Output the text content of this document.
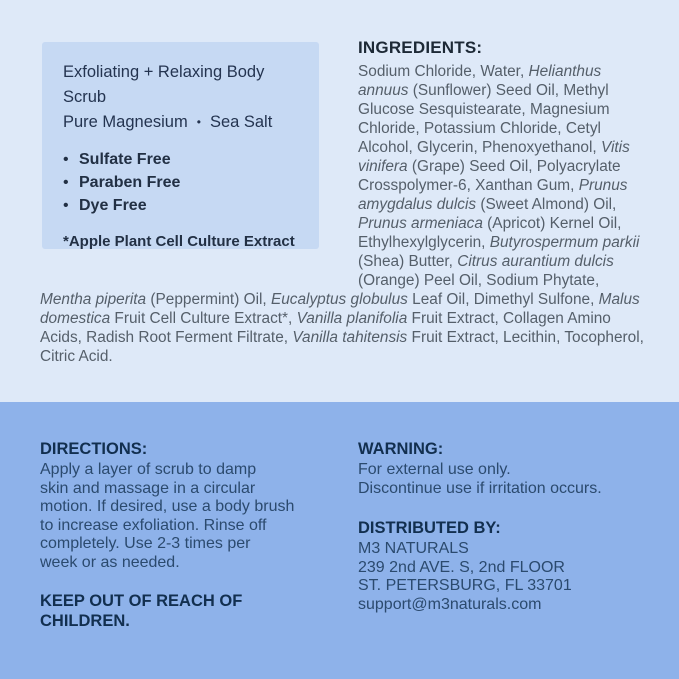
Exfoliating + Relaxing Body Scrub
Pure Magnesium • Sea Salt
• Sulfate Free
• Paraben Free
• Dye Free
*Apple Plant Cell Culture Extract
INGREDIENTS:

Sodium Chloride, Water, Helianthus annuus (Sunflower) Seed Oil, Methyl Glucose Sesquistearate, Magnesium Chloride, Potassium Chloride, Cetyl Alcohol, Glycerin, Phenoxyethanol, Vitis vinifera (Grape) Seed Oil, Polyacrylate Crosspolymer-6, Xanthan Gum, Prunus amygdalus dulcis (Sweet Almond) Oil, Prunus armeniaca (Apricot) Kernel Oil, Ethylhexylglycerin, Butyrospermum parkii (Shea) Butter, Citrus aurantium dulcis (Orange) Peel Oil, Sodium Phytate, Mentha piperita (Peppermint) Oil, Eucalyptus globulus Leaf Oil, Dimethyl Sulfone, Malus domestica Fruit Cell Culture Extract*, Vanilla planifolia Fruit Extract, Collagen Amino Acids, Radish Root Ferment Filtrate, Vanilla tahitensis Fruit Extract, Lecithin, Tocopherol, Citric Acid.

DIRECTIONS:
Apply a layer of scrub to damp
skin and massage in a circular
motion. If desired, use a body brush
to increase exfoliation. Rinse off
completely. Use 2-3 times per
week or as needed.
KEEP OUT OF REACH OF
CHILDREN.
WARNING:
For external use only.
Discontinue use if irritation occurs.
DISTRIBUTED BY:
M3 NATURALS
239 2nd AVE. S, 2nd FLOOR
ST. PETERSBURG, FL 33701
support@m3naturals.com
